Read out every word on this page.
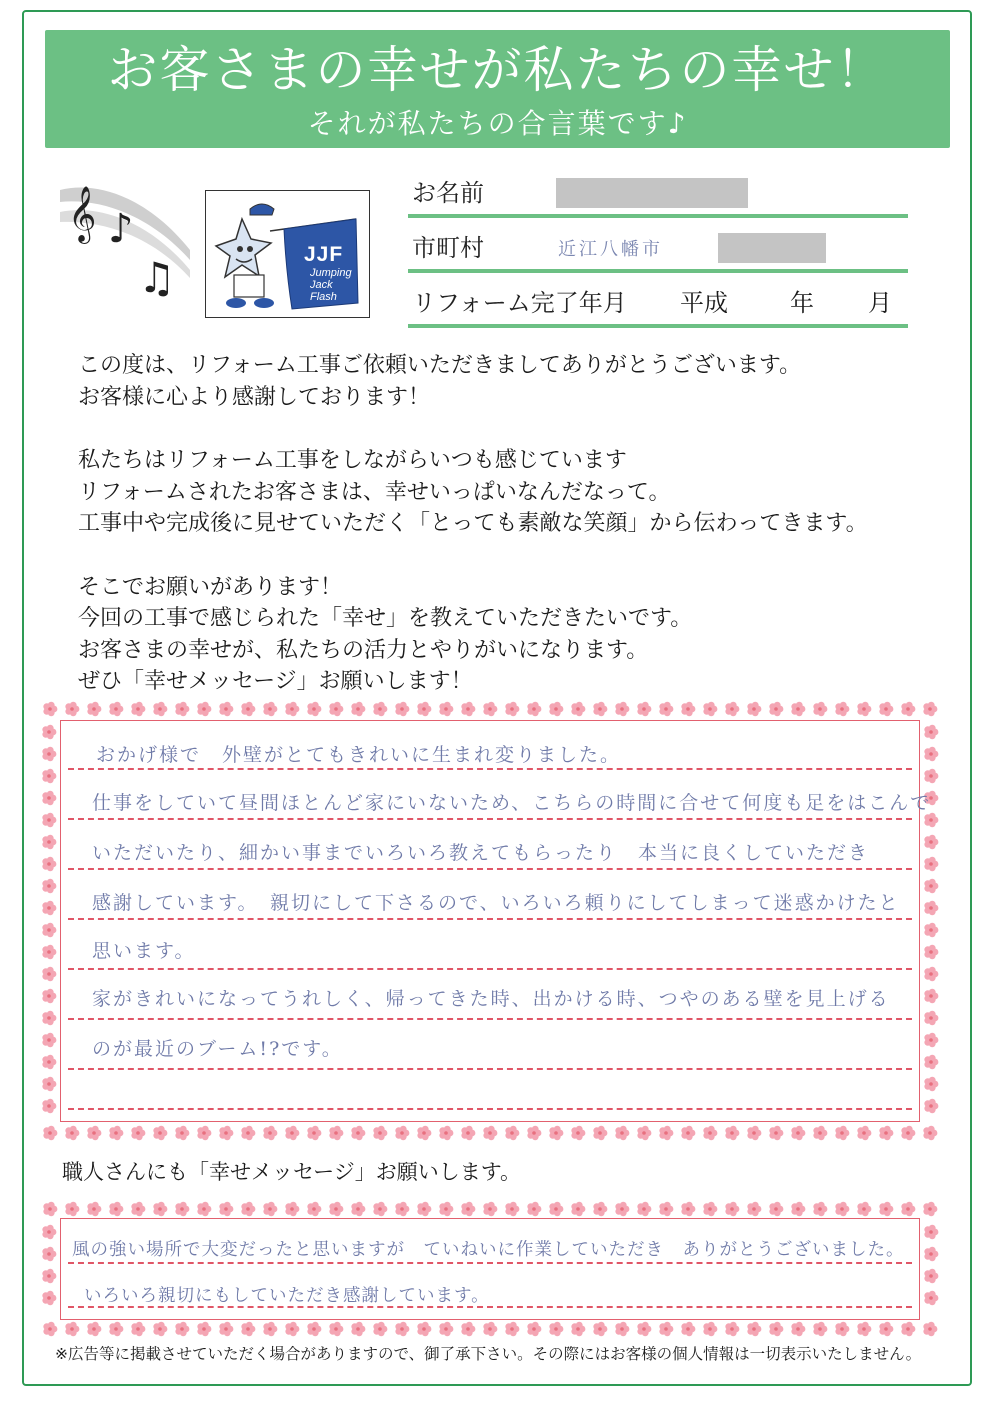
お客さまの幸せが私たちの幸せ！
それが私たちの合言葉です♪
𝄞 ♪
♫	JJF
Jumping
Jack
Flash
お名前
市町村	近江八幡市
リフォーム完了年月 平成	年 月

この度は、リフォーム工事ご依頼いただきましてありがとうございます。

お客様に心より感謝しております！

私たちはリフォーム工事をしながらいつも感じています

リフォームされたお客さまは、幸せいっぱいなんだなって。

工事中や完成後に見せていただく「とっても素敵な笑顔」から伝わってきます。

そこでお願いがあります！

今回の工事で感じられた「幸せ」を教えていただきたいです。

お客さまの幸せが、私たちの活力とやりがいになります。

ぜひ「幸せメッセージ」お願いします！

おかげ様で　外壁がとてもきれいに生まれ変りました。
仕事をしていて昼間ほとんど家にいないため、こちらの時間に合せて何度も足をはこんで
いただいたり、細かい事までいろいろ教えてもらったり　本当に良くしていただき
感謝しています。　親切にして下さるので、いろいろ頼りにしてしまって迷惑かけたと
思います。
家がきれいになってうれしく、帰ってきた時、出かける時、つやのある壁を見上げる
のが最近のブーム!?です。
職人さんにも「幸せメッセージ」お願いします。
風の強い場所で大変だったと思いますが　ていねいに作業していただき　ありがとうございました。
いろいろ親切にもしていただき感謝しています。
※広告等に掲載させていただく場合がありますので、御了承下さい。その際にはお客様の個人情報は一切表示いたしません。
